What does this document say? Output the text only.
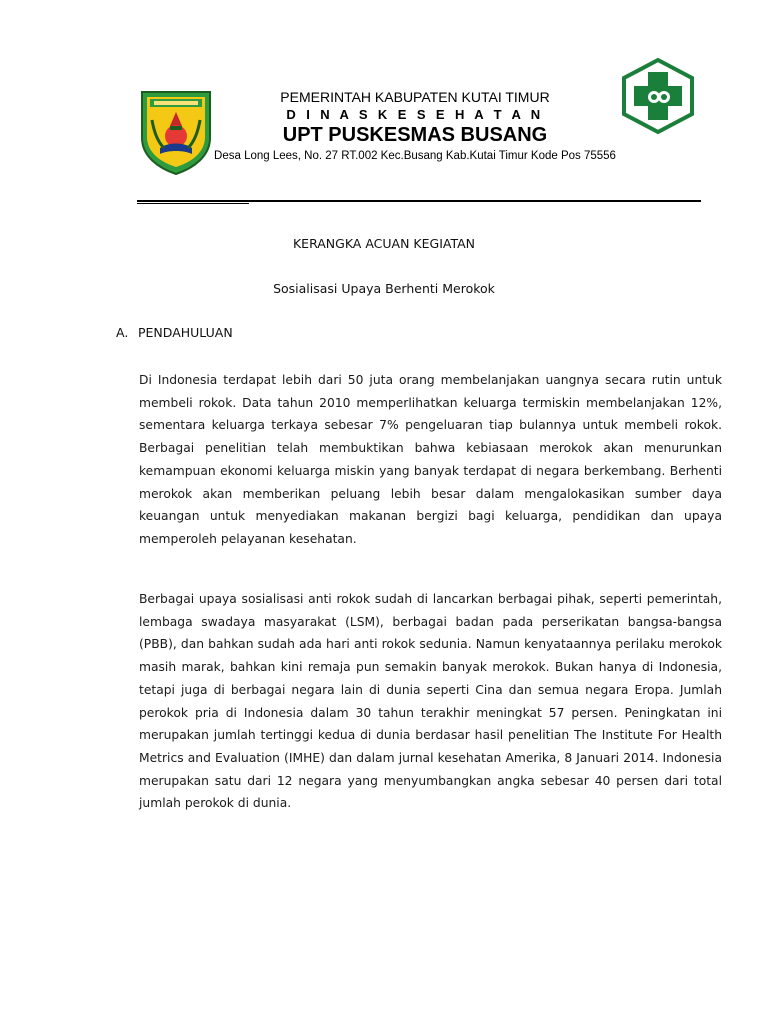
PEMERINTAH KABUPATEN KUTAI TIMUR
D I N A S K E S E H A T A N
UPT PUSKESMAS BUSANG
Desa Long Lees, No. 27 RT.002 Kec.Busang Kab.Kutai Timur Kode Pos 75556
KERANGKA ACUAN KEGIATAN
Sosialisasi Upaya Berhenti Merokok
A. PENDAHULUAN

Di Indonesia terdapat lebih dari 50 juta orang membelanjakan uangnya secara rutin untuk membeli rokok. Data tahun 2010 memperlihatkan keluarga termiskin membelanjakan 12%, sementara keluarga terkaya sebesar 7% pengeluaran tiap bulannya untuk membeli rokok. Berbagai penelitian telah membuktikan bahwa kebiasaan merokok akan menurunkan kemampuan ekonomi keluarga miskin yang banyak terdapat di negara berkembang. Berhenti merokok akan memberikan peluang lebih besar dalam mengalokasikan sumber daya keuangan untuk menyediakan makanan bergizi bagi keluarga, pendidikan dan upaya memperoleh pelayanan kesehatan.

Berbagai upaya sosialisasi anti rokok sudah di lancarkan berbagai pihak, seperti pemerintah, lembaga swadaya masyarakat (LSM), berbagai badan pada perserikatan bangsa-bangsa (PBB), dan bahkan sudah ada hari anti rokok sedunia. Namun kenyataannya perilaku merokok masih marak, bahkan kini remaja pun semakin banyak merokok. Bukan hanya di Indonesia, tetapi juga di berbagai negara lain di dunia seperti Cina dan semua negara Eropa. Jumlah perokok pria di Indonesia dalam 30 tahun terakhir meningkat 57 persen. Peningkatan ini merupakan jumlah tertinggi kedua di dunia berdasar hasil penelitian The Institute For Health Metrics and Evaluation (IMHE) dan dalam jurnal kesehatan Amerika, 8 Januari 2014. Indonesia merupakan satu dari 12 negara yang menyumbangkan angka sebesar 40 persen dari total jumlah perokok di dunia.
